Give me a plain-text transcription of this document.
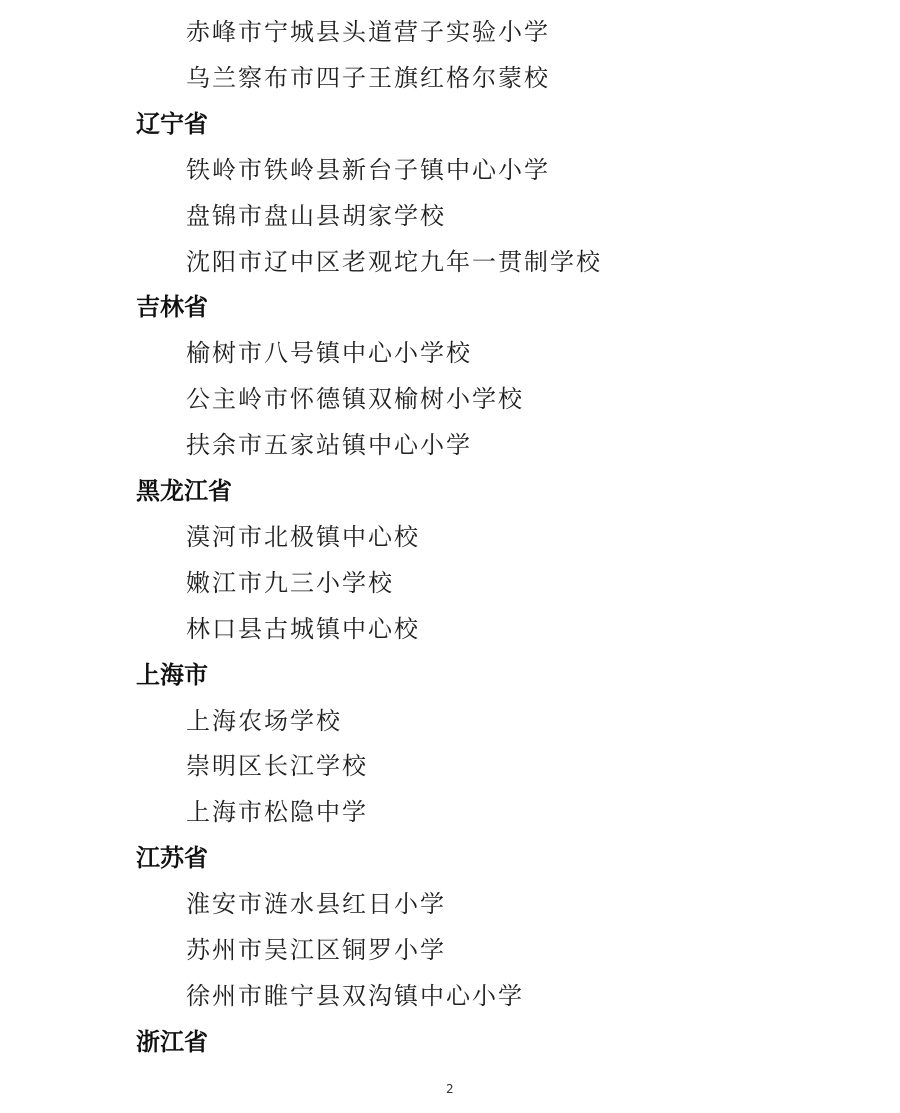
赤峰市宁城县头道营子实验小学
乌兰察布市四子王旗红格尔蒙校
辽宁省
铁岭市铁岭县新台子镇中心小学
盘锦市盘山县胡家学校
沈阳市辽中区老观坨九年一贯制学校
吉林省
榆树市八号镇中心小学校
公主岭市怀德镇双榆树小学校
扶余市五家站镇中心小学
黑龙江省
漠河市北极镇中心校
嫩江市九三小学校
林口县古城镇中心校
上海市
上海农场学校
崇明区长江学校
上海市松隐中学
江苏省
淮安市涟水县红日小学
苏州市吴江区铜罗小学
徐州市睢宁县双沟镇中心小学
浙江省
2
